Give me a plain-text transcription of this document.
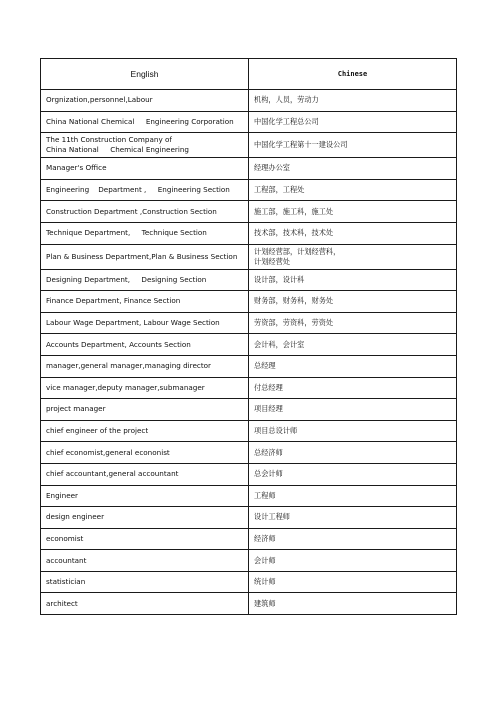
English	Chinese
Orgnization,personnel,Labour	机构，人员，劳动力
China National Chemical     Engineering Corporation	中国化学工程总公司
The 11th Construction Company of
China National     Chemical Engineering	中国化学工程第十一建设公司
Manager's Office	经理办公室
Engineering    Department ,     Engineering Section	工程部，工程处
Construction Department ,Construction Section	施工部，施工科，施工处
Technique Department,     Technique Section	技术部，技术科，技术处
Plan & Business Department,Plan & Business Section	计划经营部，计划经营科，
计划经营处
Designing Department,     Designing Section	设计部，设计科
Finance Department, Finance Section	财务部，财务科，财务处
Labour Wage Department, Labour Wage Section	劳资部，劳资科，劳资处
Accounts Department, Accounts Section	会计科，会计室
manager,general manager,managing director	总经理
vice manager,deputy manager,submanager	付总经理
project manager	项目经理
chief engineer of the project	项目总设计师
chief economist,general econonist	总经济师
chief accountant,general accountant	总会计师
Engineer	工程师
design engineer	设计工程师
economist	经济师
accountant	会计师
statistician	统计师
architect	建筑师
